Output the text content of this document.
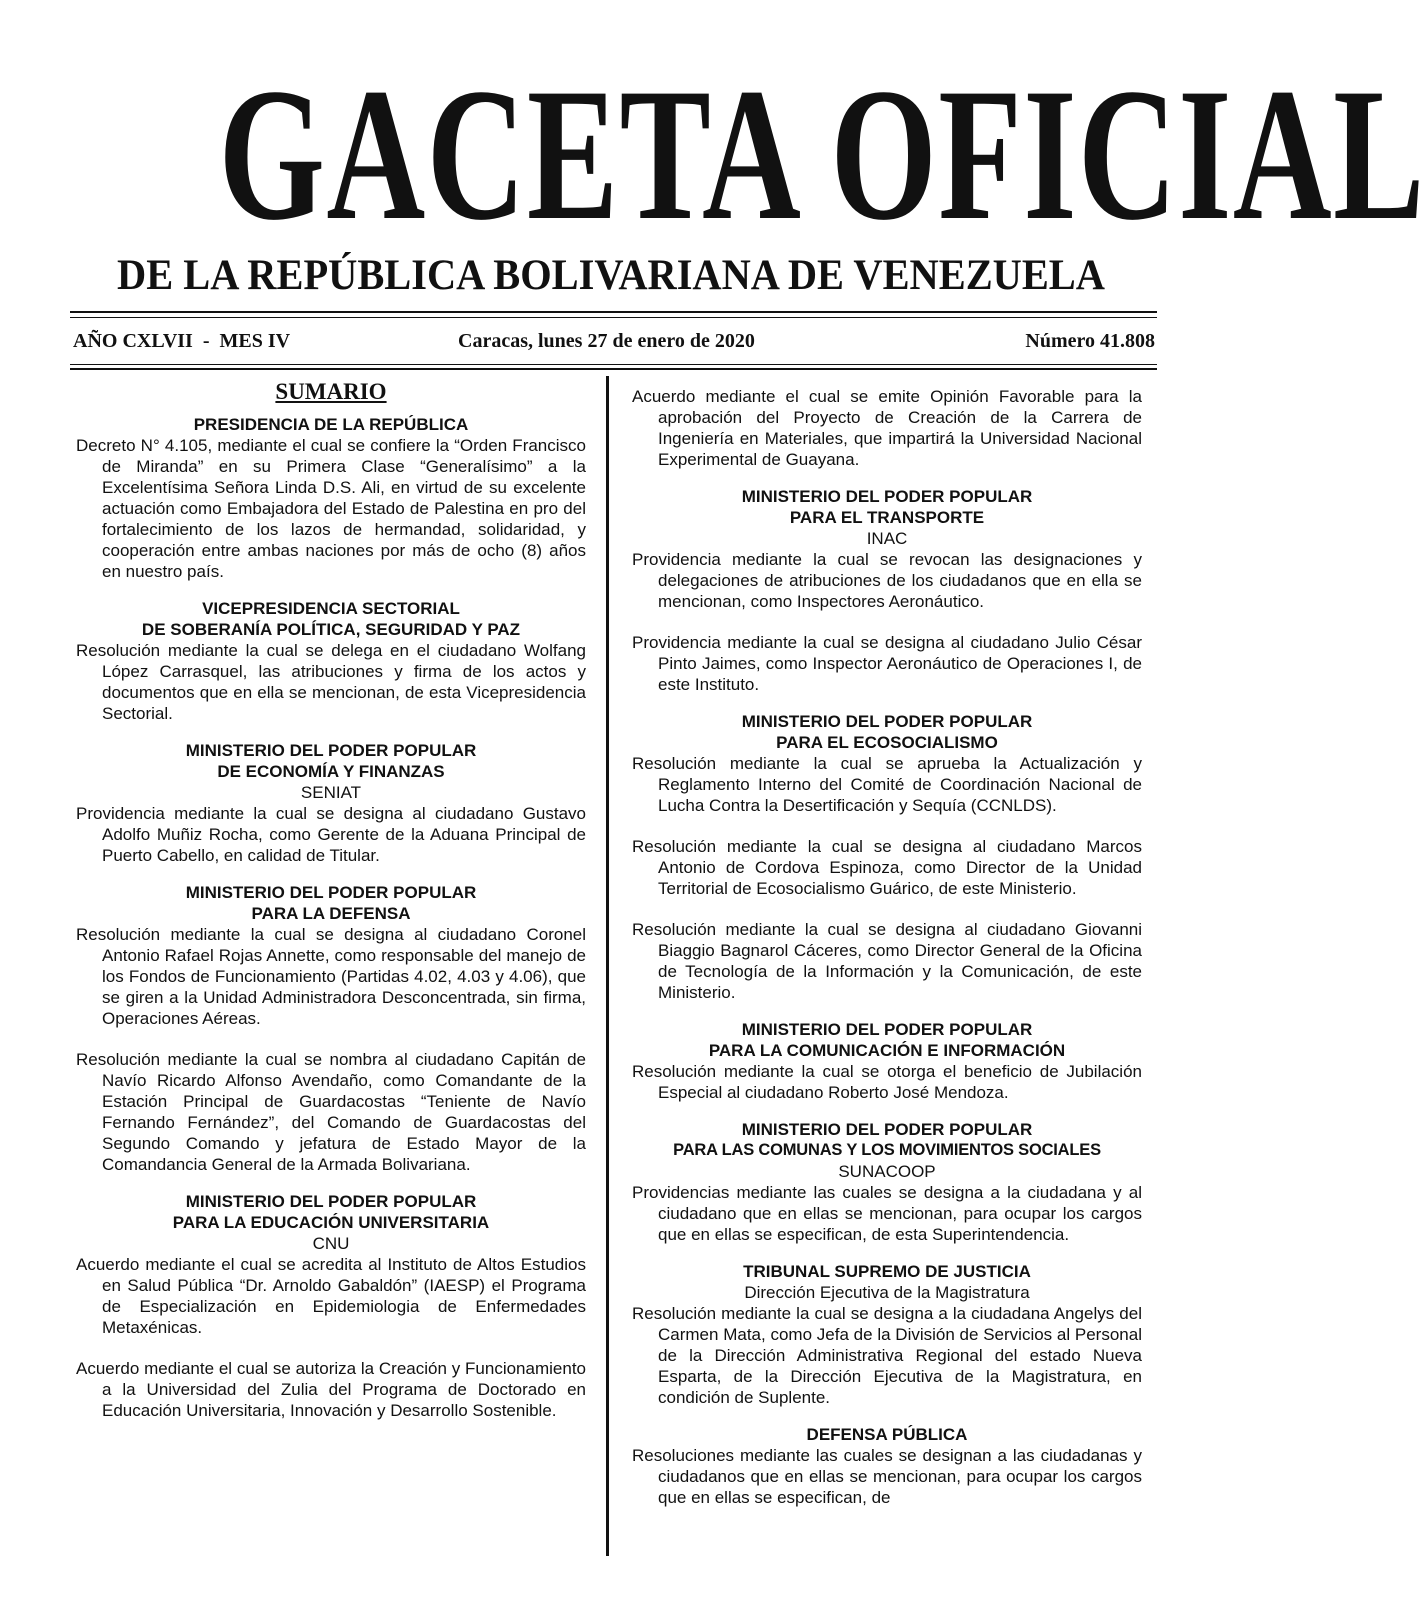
GACETA OFICIAL
DE LA REPÚBLICA BOLIVARIANA DE VENEZUELA
AÑO CXLVII  -  MES IV	Caracas, lunes 27 de enero de 2020	Número 41.808
SUMARIO
PRESIDENCIA DE LA REPÚBLICA

Decreto N° 4.105, mediante el cual se confiere la “Orden Francisco de Miranda” en su Primera Clase “Generalísimo” a la Excelentísima Señora Linda D.S. Ali, en virtud de su excelente actuación como Embajadora del Estado de Palestina en pro del fortalecimiento de los lazos de hermandad, solidaridad, y cooperación entre ambas naciones por más de ocho (8) años en nuestro país.

VICEPRESIDENCIA SECTORIAL
DE SOBERANÍA POLÍTICA, SEGURIDAD Y PAZ

Resolución mediante la cual se delega en el ciudadano Wolfang López Carrasquel, las atribuciones y firma de los actos y documentos que en ella se mencionan, de esta Vicepresidencia Sectorial.

MINISTERIO DEL PODER POPULAR
DE ECONOMÍA Y FINANZAS
SENIAT

Providencia mediante la cual se designa al ciudadano Gustavo Adolfo Muñiz Rocha, como Gerente de la Aduana Principal de Puerto Cabello, en calidad de Titular.

MINISTERIO DEL PODER POPULAR
PARA LA DEFENSA

Resolución mediante la cual se designa al ciudadano Coronel Antonio Rafael Rojas Annette, como responsable del manejo de los Fondos de Funcionamiento (Partidas 4.02, 4.03 y 4.06), que se giren a la Unidad Administradora Desconcentrada, sin firma, Operaciones Aéreas.

Resolución mediante la cual se nombra al ciudadano Capitán de Navío Ricardo Alfonso Avendaño, como Comandante de la Estación Principal de Guardacostas “Teniente de Navío Fernando Fernández”, del Comando de Guardacostas del Segundo Comando y jefatura de Estado Mayor de la Comandancia General de la Armada Bolivariana.

MINISTERIO DEL PODER POPULAR
PARA LA EDUCACIÓN UNIVERSITARIA
CNU

Acuerdo mediante el cual se acredita al Instituto de Altos Estudios en Salud Pública “Dr. Arnoldo Gabaldón” (IAESP) el Programa de Especialización en Epidemiologia de Enfermedades Metaxénicas.

Acuerdo mediante el cual se autoriza la Creación y Funcionamiento a la Universidad del Zulia del Programa de Doctorado en Educación Universitaria, Innovación y Desarrollo Sostenible.

Acuerdo mediante el cual se emite Opinión Favorable para la aprobación del Proyecto de Creación de la Carrera de Ingeniería en Materiales, que impartirá la Universidad Nacional Experimental de Guayana.

MINISTERIO DEL PODER POPULAR
PARA EL TRANSPORTE
INAC

Providencia mediante la cual se revocan las designaciones y delegaciones de atribuciones de los ciudadanos que en ella se mencionan, como Inspectores Aeronáutico.

Providencia mediante la cual se designa al ciudadano Julio César Pinto Jaimes, como Inspector Aeronáutico de Operaciones I, de este Instituto.

MINISTERIO DEL PODER POPULAR
PARA EL ECOSOCIALISMO

Resolución mediante la cual se aprueba la Actualización y Reglamento Interno del Comité de Coordinación Nacional de Lucha Contra la Desertificación y Sequía (CCNLDS).

Resolución mediante la cual se designa al ciudadano Marcos Antonio de Cordova Espinoza, como Director de la Unidad Territorial de Ecosocialismo Guárico, de este Ministerio.

Resolución mediante la cual se designa al ciudadano Giovanni Biaggio Bagnarol Cáceres, como Director General de la Oficina de Tecnología de la Información y la Comunicación, de este Ministerio.

MINISTERIO DEL PODER POPULAR
PARA LA COMUNICACIÓN E INFORMACIÓN

Resolución mediante la cual se otorga el beneficio de Jubilación Especial al ciudadano Roberto José Mendoza.

MINISTERIO DEL PODER POPULAR
PARA LAS COMUNAS Y LOS MOVIMIENTOS SOCIALES
SUNACOOP

Providencias mediante las cuales se designa a la ciudadana y al ciudadano que en ellas se mencionan, para ocupar los cargos que en ellas se especifican, de esta Superintendencia.

TRIBUNAL SUPREMO DE JUSTICIA
Dirección Ejecutiva de la Magistratura

Resolución mediante la cual se designa a la ciudadana Angelys del Carmen Mata, como Jefa de la División de Servicios al Personal de la Dirección Administrativa Regional del estado Nueva Esparta, de la Dirección Ejecutiva de la Magistratura, en condición de Suplente.

DEFENSA PÚBLICA

Resoluciones mediante las cuales se designan a las ciudadanas y ciudadanos que en ellas se mencionan, para ocupar los cargos que en ellas se especifican, de
